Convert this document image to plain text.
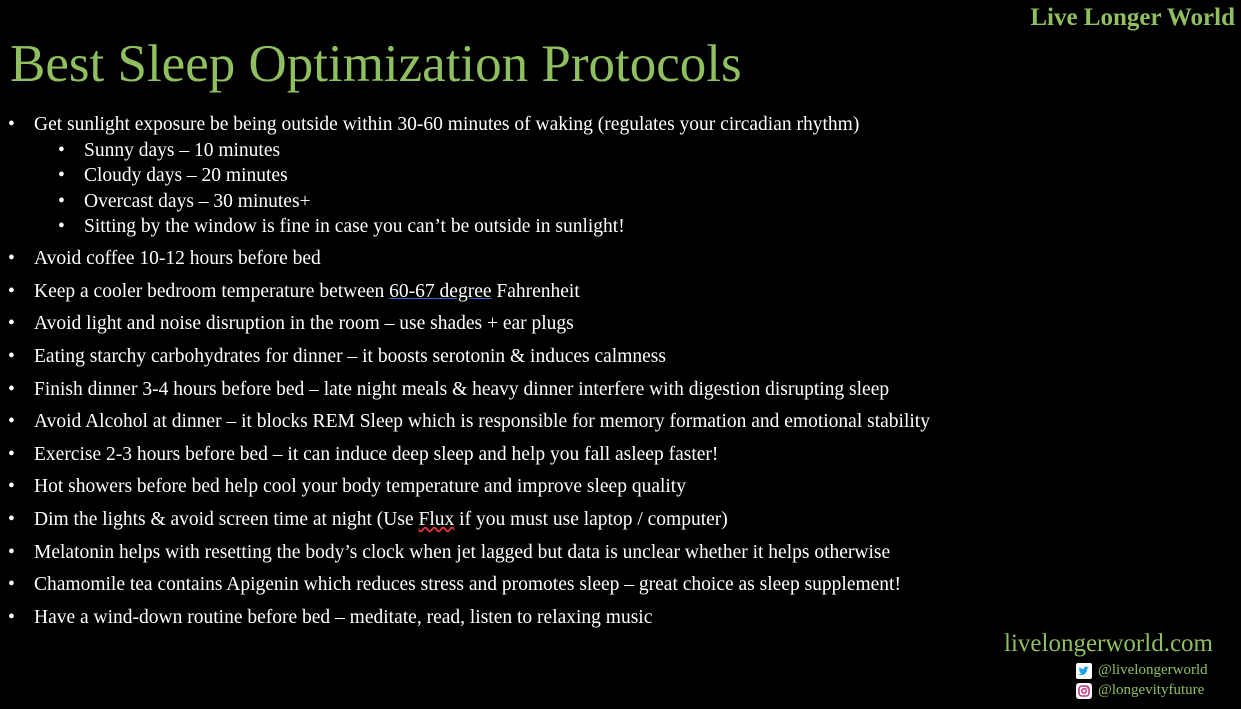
Live Longer World
Best Sleep Optimization Protocols
• Get sunlight exposure be being outside within 30-60 minutes of waking (regulates your circadian rhythm)
• Sunny days – 10 minutes
• Cloudy days – 20 minutes
• Overcast days – 30 minutes+
• Sitting by the window is fine in case you can’t be outside in sunlight!
• Avoid coffee 10-12 hours before bed
• Keep a cooler bedroom temperature between 60-67 degree Fahrenheit
• Avoid light and noise disruption in the room – use shades + ear plugs
• Eating starchy carbohydrates for dinner – it boosts serotonin & induces calmness
• Finish dinner 3-4 hours before bed – late night meals & heavy dinner interfere with digestion disrupting sleep
• Avoid Alcohol at dinner – it blocks REM Sleep which is responsible for memory formation and emotional stability
• Exercise 2-3 hours before bed – it can induce deep sleep and help you fall asleep faster!
• Hot showers before bed help cool your body temperature and improve sleep quality
• Dim the lights & avoid screen time at night (Use Flux if you must use laptop / computer)
• Melatonin helps with resetting the body’s clock when jet lagged but data is unclear whether it helps otherwise
• Chamomile tea contains Apigenin which reduces stress and promotes sleep – great choice as sleep supplement!
• Have a wind-down routine before bed – meditate, read, listen to relaxing music
livelongerworld.com
@livelongerworld
@longevityfuture
